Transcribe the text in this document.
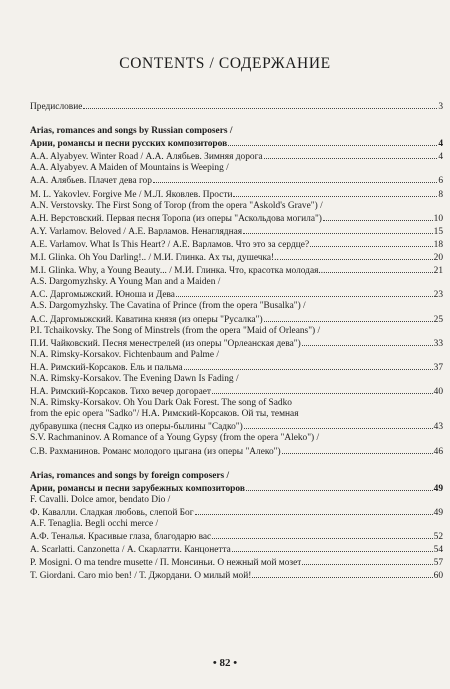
CONTENTS / СОДЕРЖАНИЕ
Предисловие	3
Arias, romances and songs by Russian composers /
Арии, романсы и песни русских композиторов	4
A.A. Alyabyev. Winter Road / А.А. Алябьев. Зимняя дорога	4
A.A. Alyabyev. A Maiden of Mountains is Weeping /
А.А. Алябьев. Плачет дева гор	6
M. L. Yakovlev. Forgive Me / М.Л. Яковлев. Прости	8
A.N. Verstovsky. The First Song of Torop (from the opera "Askold's Grave") /
А.Н. Верстовский. Первая песня Торопа (из оперы "Аскольдова могила")	10
A.Y. Varlamov. Beloved / А.Е. Варламов. Ненаглядная	15
A.E. Varlamov. What Is This Heart? / А.Е. Варламов. Что это за сердце?	18
M.I. Glinka. Oh You Darling!.. / М.И. Глинка. Ах ты, душечка!..	20
M.I. Glinka. Why, a Young Beauty... / М.И. Глинка. Что, красотка молодая...	21
A.S. Dargomyzhsky. A Young Man and a Maiden /
А.С. Даргомыжский. Юноша и Дева	23
A.S. Dargomyzhsky. The Cavatina of Prince (from the opera "Busalka") /
А.С. Даргомыжский. Каватина князя (из оперы "Русалка")	25
P.I. Tchaikovsky. The Song of Minstrels (from the opera "Maid of Orleans") /
П.И. Чайковский. Песня менестрелей (из оперы "Орлеанская дева")	33
N.A. Rimsky-Korsakov. Fichtenbaum and Palme /
Н.А. Римский-Корсаков. Ель и пальма	37
N.A. Rimsky-Korsakov. The Evening Dawn Is Fading /
Н.А. Римский-Корсаков. Тихо вечер догорает	40
N.A. Rimsky-Korsakov. Oh You Dark Oak Forest. The song of Sadko
from the epic opera "Sadko"/ Н.А. Римский-Корсаков. Ой ты, темная
дубравушка (песня Садко из оперы-былины "Садко")	43
S.V. Rachmaninov. A Romance of a Young Gypsy (from the opera "Aleko") /
С.В. Рахманинов. Романс молодого цыгана (из оперы "Алеко")	46
Arias, romances and songs by foreign composers /
Арии, романсы и песни зарубежных композиторов	49
F. Cavalli. Dolce amor, bendato Dio /
Ф. Кавалли. Сладкая любовь, слепой Бог	49
A.F. Tenaglia. Begli occhi merce /
А.Ф. Теналья. Красивые глаза, благодарю вас	52
A. Scarlatti. Canzonetta / А. Скарлатти. Канцонетта	54
P. Mosigni. O ma tendre musette / П. Монсиньи. О нежный мой мозет	57
T. Giordani. Caro mio ben! / Т. Джордани. О милый мой!	60
• 82 •
